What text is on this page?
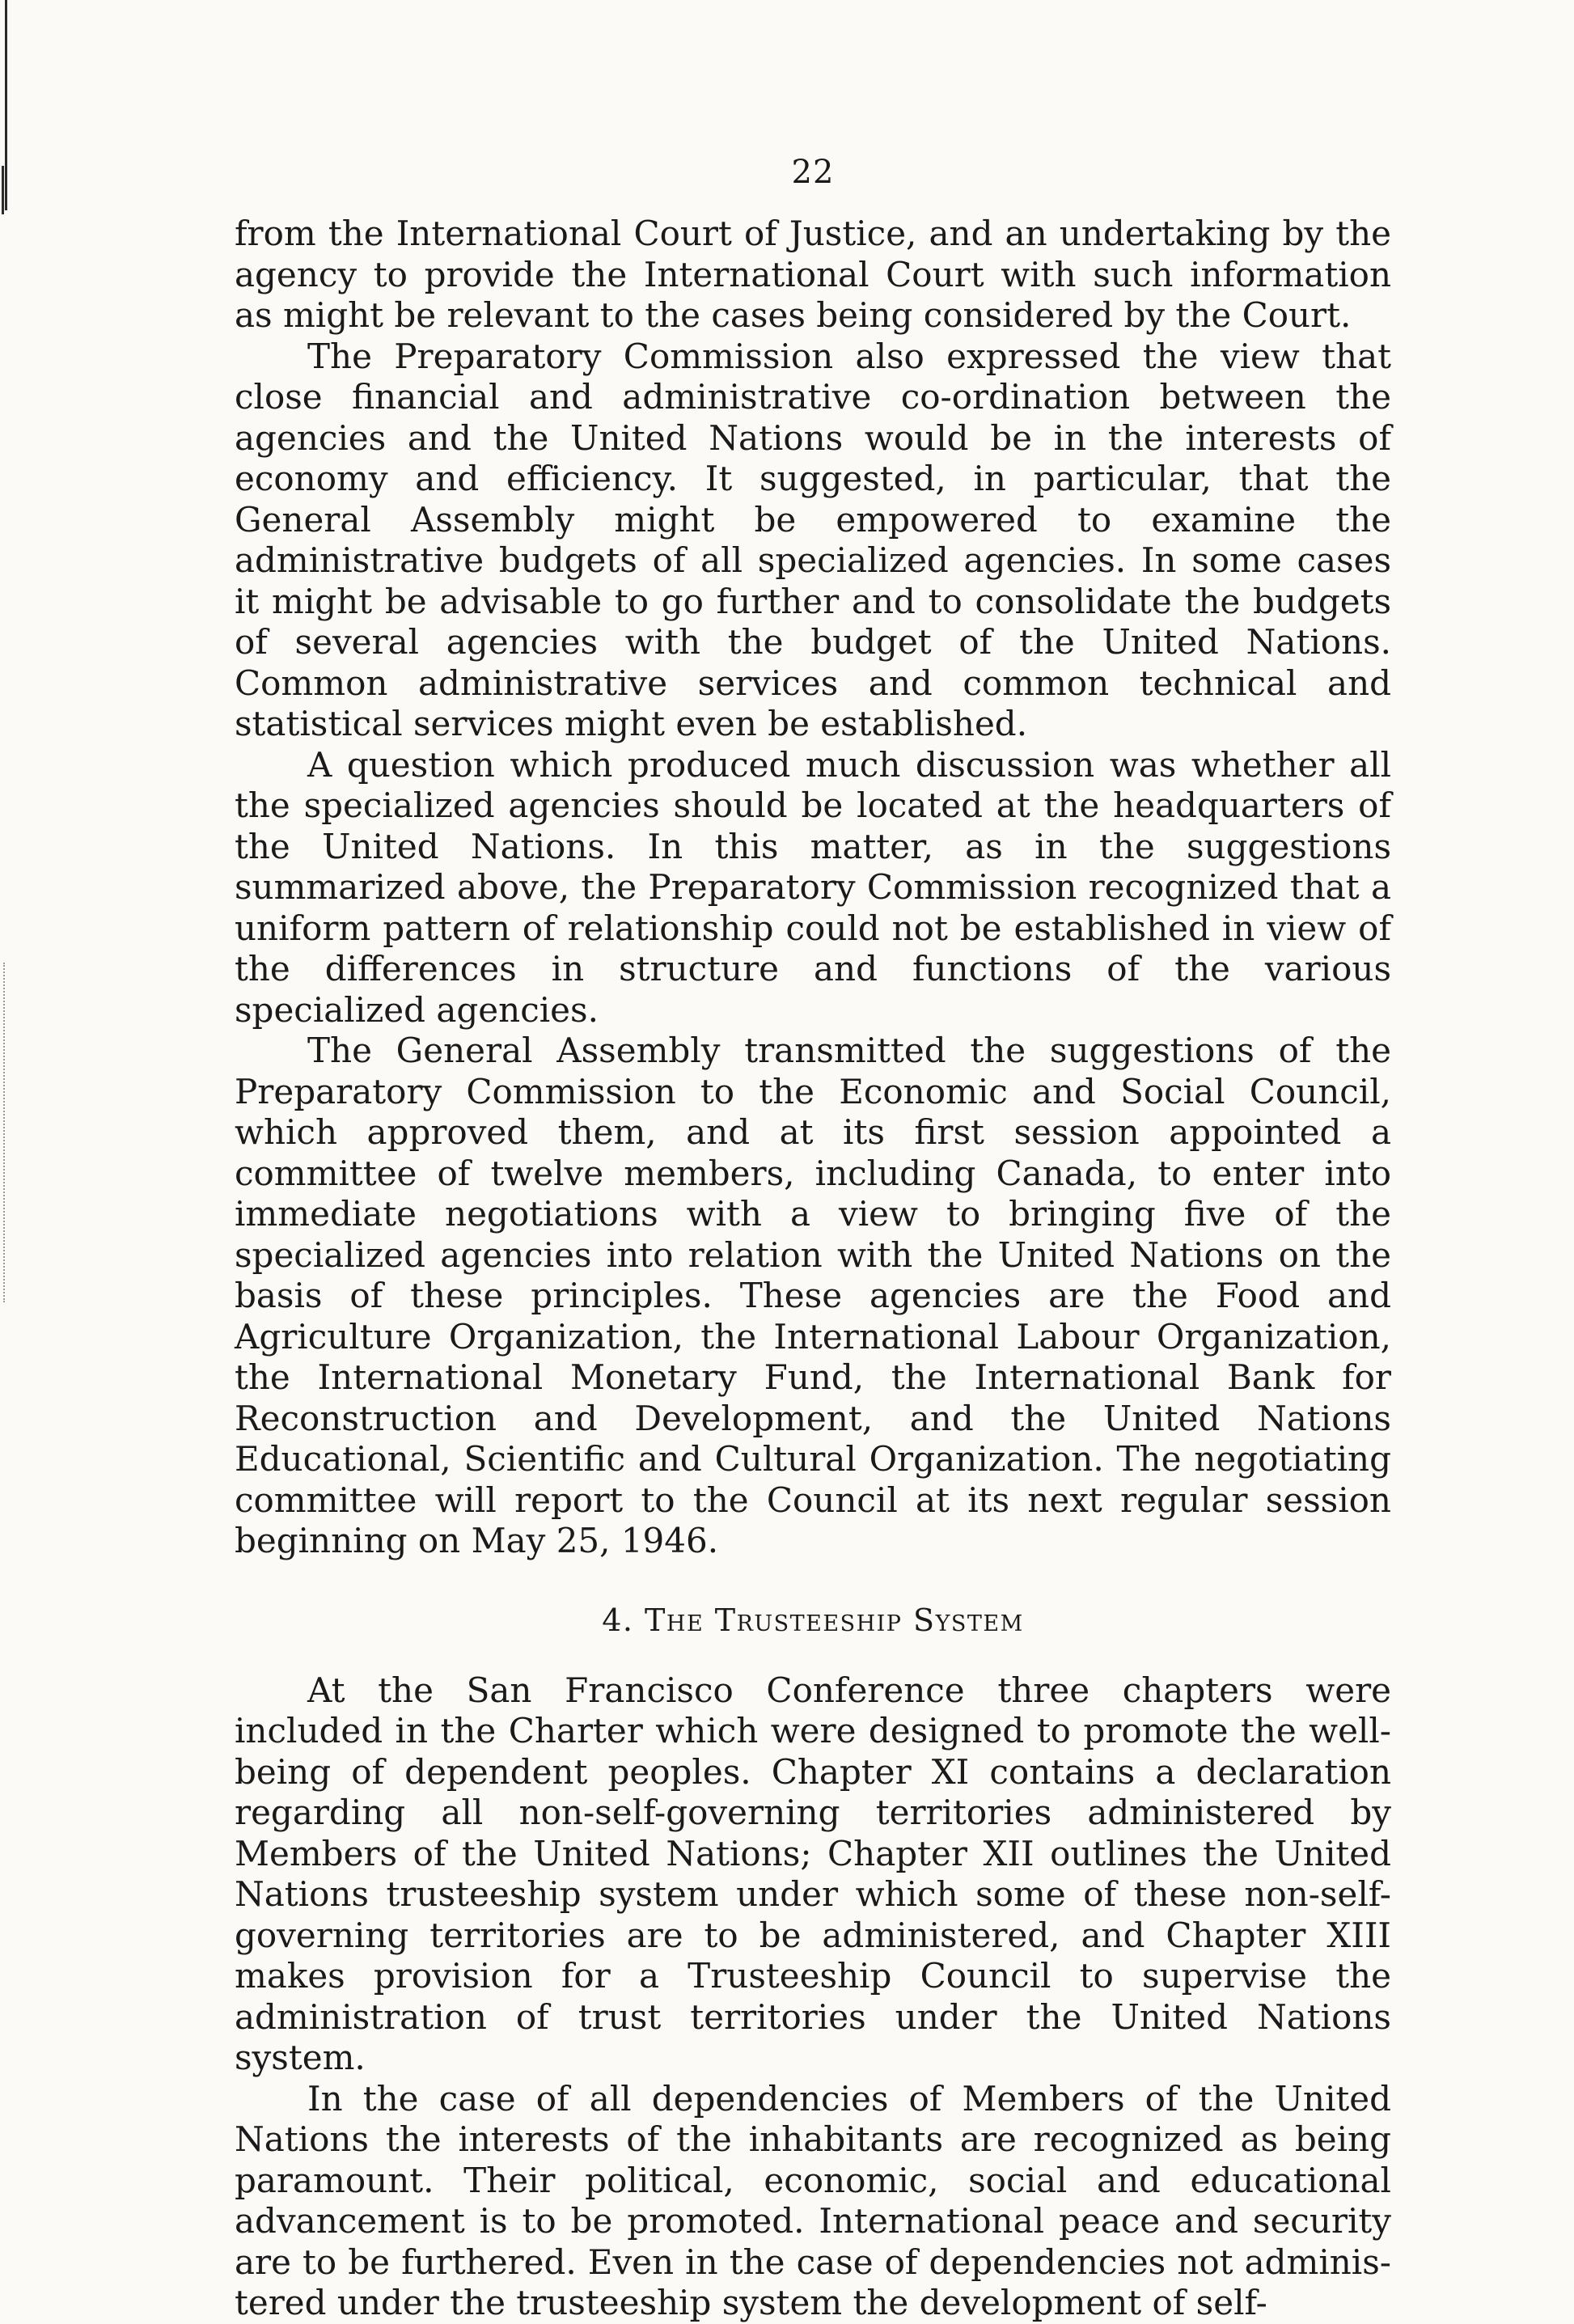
22

from the International Court of Justice, and an undertaking by the agency to provide the International Court with such information as might be relevant to the cases being considered by the Court.

The Preparatory Commission also expressed the view that close financial and administrative co-ordination between the agencies and the United Nations would be in the interests of economy and efficiency. It suggested, in particular, that the General Assembly might be empowered to examine the administrative budgets of all specialized agencies. In some cases it might be advisable to go further and to consolidate the budgets of several agencies with the budget of the United Nations. Common administrative services and common technical and statistical services might even be established.

A question which produced much discussion was whether all the specialized agencies should be located at the headquarters of the United Nations. In this matter, as in the suggestions summarized above, the Preparatory Commission recognized that a uniform pattern of relationship could not be established in view of the differences in structure and functions of the various specialized agencies.

The General Assembly transmitted the suggestions of the Preparatory Commission to the Economic and Social Council, which approved them, and at its first session appointed a committee of twelve members, including Canada, to enter into immediate negotiations with a view to bringing five of the specialized agencies into relation with the United Nations on the basis of these principles. These agencies are the Food and Agriculture Organization, the International Labour Organization, the International Monetary Fund, the International Bank for Reconstruction and Development, and the United Nations Educational, Scientific and Cultural Organization. The negotiating committee will report to the Council at its next regular session beginning on May 25, 1946.

4. The Trusteeship System

At the San Francisco Conference three chapters were included in the Charter which were designed to promote the well-being of dependent peoples. Chapter XI contains a declaration regarding all non-self-governing territories administered by Members of the United Nations; Chapter XII outlines the United Nations trusteeship system under which some of these non-self-governing territories are to be administered, and Chapter XIII makes provision for a Trusteeship Council to supervise the administration of trust territories under the United Nations system.

In the case of all dependencies of Members of the United Nations the interests of the inhabitants are recognized as being paramount. Their political, economic, social and educational advancement is to be promoted. International peace and security are to be furthered. Even in the case of dependencies not administered under the trusteeship system the development of self-
